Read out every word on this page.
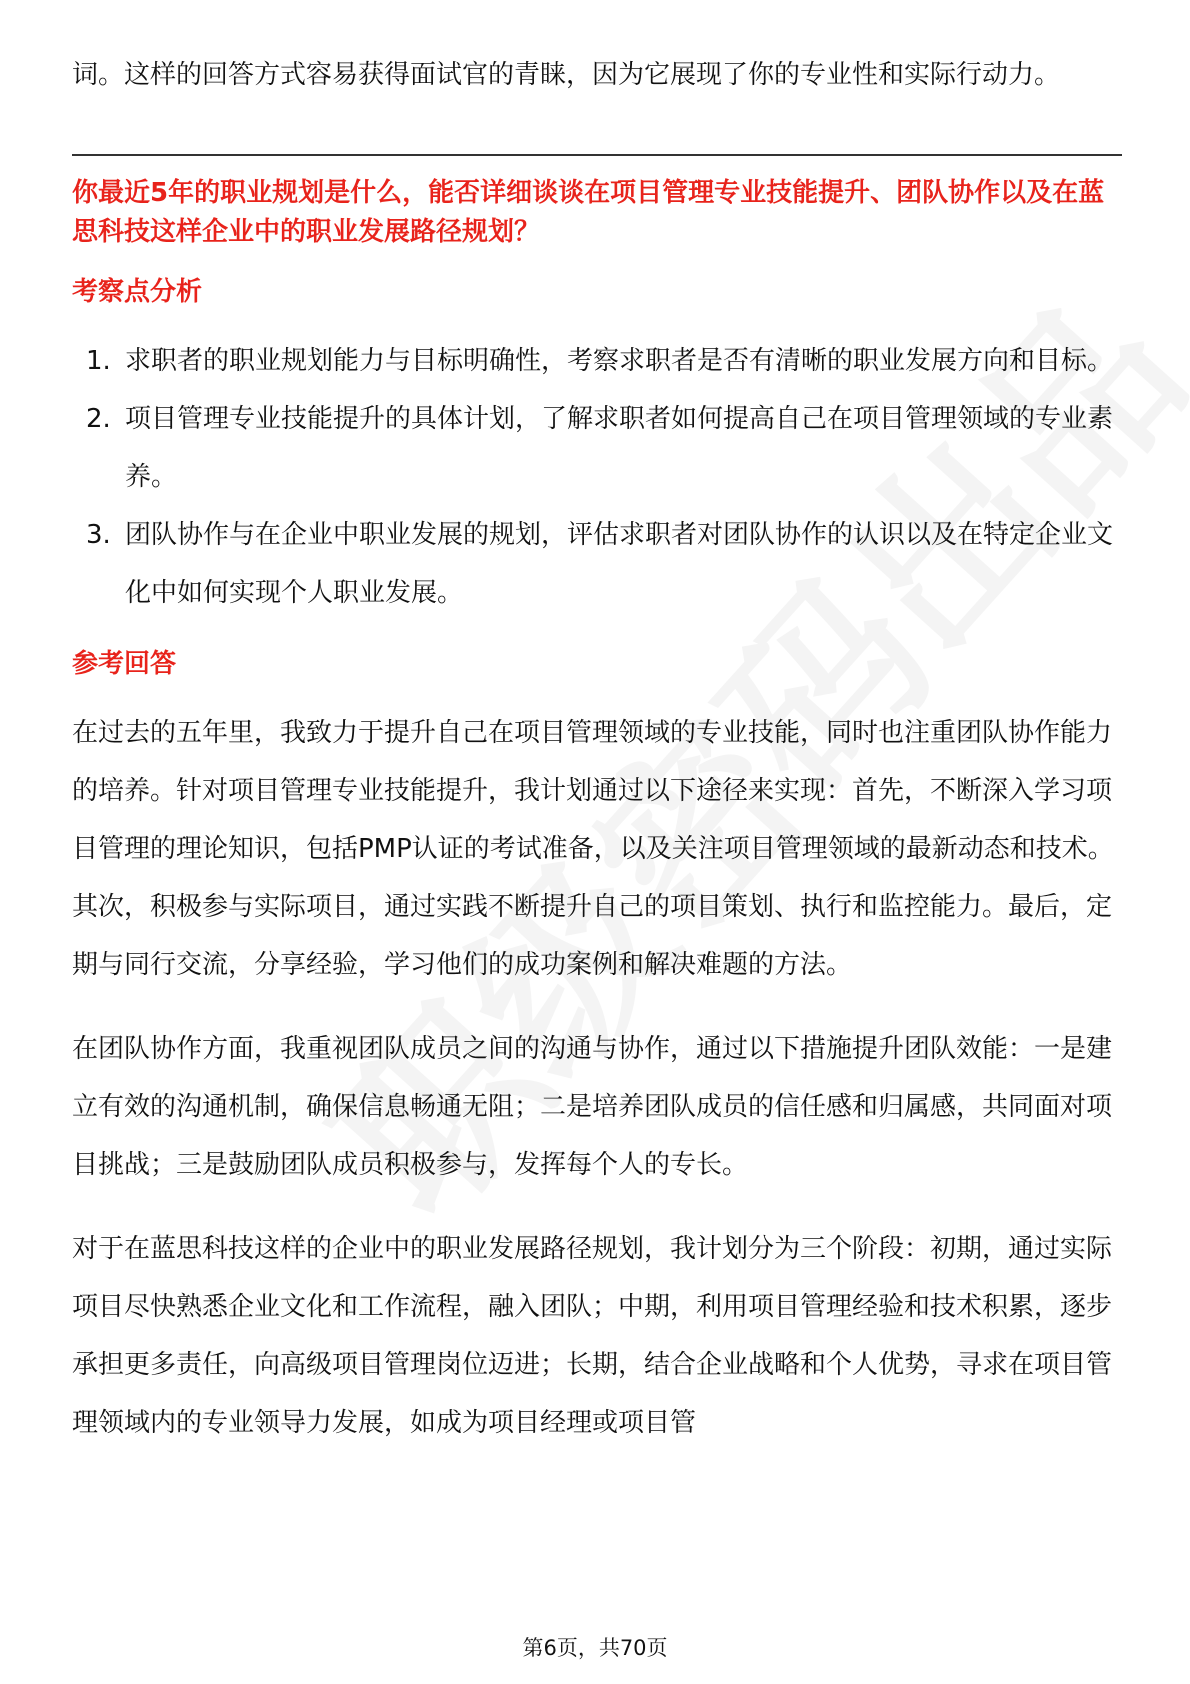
词。这样的回答方式容易获得面试官的青睐，因为它展现了你的专业性和实际行动力。

你最近5年的职业规划是什么，能否详细谈谈在项目管理专业技能提升、团队协作以及在蓝思科技这样企业中的职业发展路径规划？

考察点分析
1. 求职者的职业规划能力与目标明确性，考察求职者是否有清晰的职业发展方向和目标。
2. 项目管理专业技能提升的具体计划，了解求职者如何提高自己在项目管理领域的专业素养。
3. 团队协作与在企业中职业发展的规划，评估求职者对团队协作的认识以及在特定企业文化中如何实现个人职业发展。
参考回答

在过去的五年里，我致力于提升自己在项目管理领域的专业技能，同时也注重团队协作能力的培养。针对项目管理专业技能提升，我计划通过以下途径来实现：首先，不断深入学习项目管理的理论知识，包括PMP认证的考试准备，以及关注项目管理领域的最新动态和技术。其次，积极参与实际项目，通过实践不断提升自己的项目策划、执行和监控能力。最后，定期与同行交流，分享经验，学习他们的成功案例和解决难题的方法。

在团队协作方面，我重视团队成员之间的沟通与协作，通过以下措施提升团队效能：一是建立有效的沟通机制，确保信息畅通无阻；二是培养团队成员的信任感和归属感，共同面对项目挑战；三是鼓励团队成员积极参与，发挥每个人的专长。

对于在蓝思科技这样的企业中的职业发展路径规划，我计划分为三个阶段：初期，通过实际项目尽快熟悉企业文化和工作流程，融入团队；中期，利用项目管理经验和技术积累，逐步承担更多责任，向高级项目管理岗位迈进；长期，结合企业战略和个人优势，寻求在项目管理领域内的专业领导力发展，如成为项目经理或项目管

第6页，共70页
